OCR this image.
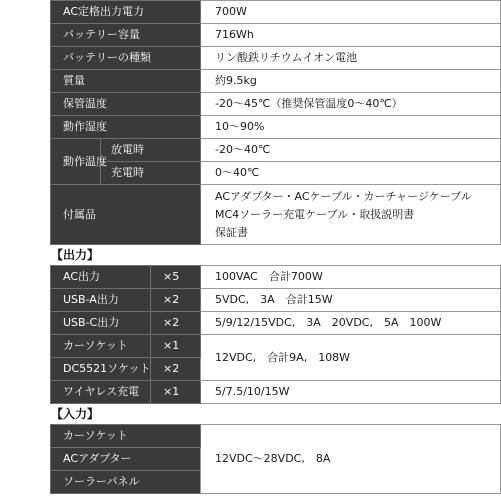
AC定格出力電力		700W
バッテリー容量		716Wh
バッテリーの種類		リン酸鉄リチウムイオン電池
質量		約9.5kg
保管温度		-20～45℃（推奨保管温度0～40℃）
動作湿度		10～90%
動作温度	放電時	-20～40℃
	充電時	0～40℃
付属品		ACアダプター・ACケーブル・カーチャージケーブル
MC4ソーラー充電ケーブル・取扱説明書
保証書
【出力】
AC出力	×5	100VAC　合計700W
USB-A出力	×2	5VDC,　3A　合計15W
USB-C出力	×2	5/9/12/15VDC,　3A　20VDC,　5A　100W
カーソケット	×1	12VDC,　合計9A,　108W
DC5521ソケット	×2	
ワイヤレス充電	×1	5/7.5/10/15W
【入力】
カーソケット	12VDC～28VDC,　8A
ACアダプター
ソーラーパネル
